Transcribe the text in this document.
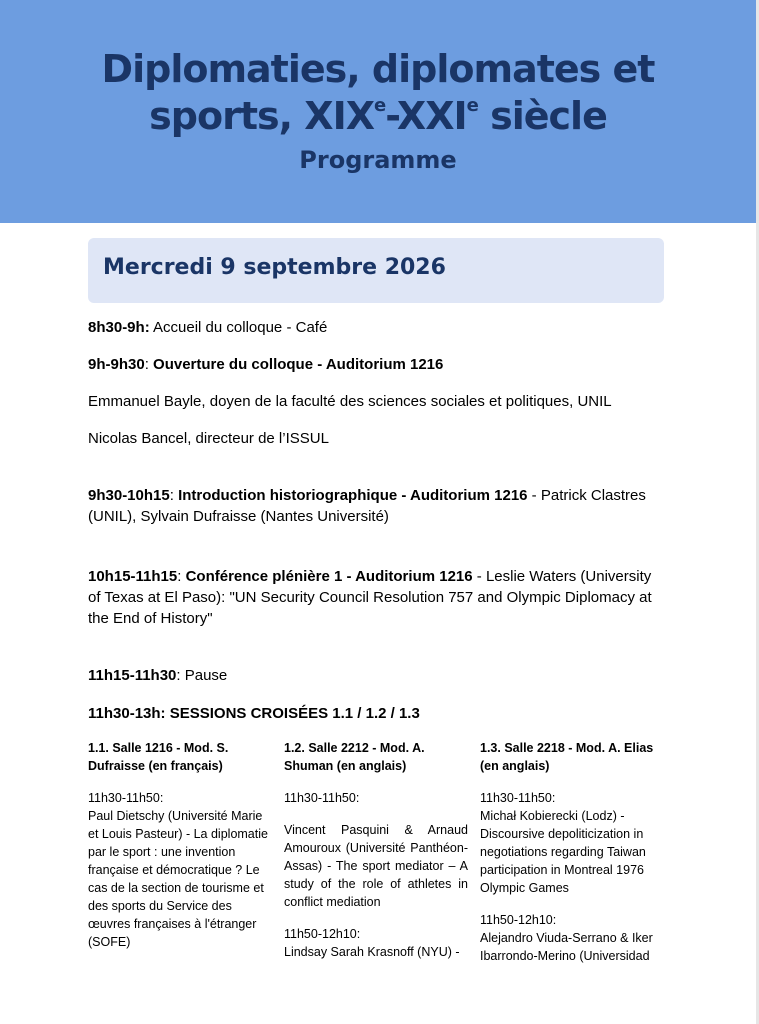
Diplomaties, diplomates et
sports, XIXe-XXIe siècle
Programme
Mercredi 9 septembre 2026
8h30-9h: Accueil du colloque - Café
9h-9h30: Ouverture du colloque - Auditorium 1216
Emmanuel Bayle, doyen de la faculté des sciences sociales et politiques, UNIL
Nicolas Bancel, directeur de l’ISSUL
9h30-10h15: Introduction historiographique - Auditorium 1216 - Patrick Clastres (UNIL), Sylvain Dufraisse (Nantes Université)
10h15-11h15: Conférence plénière 1 - Auditorium 1216 - Leslie Waters (University of Texas at El Paso): "UN Security Council Resolution 757 and Olympic Diplomacy at the End of History"
11h15-11h30: Pause
11h30-13h: SESSIONS CROISÉES 1.1 / 1.2 / 1.3
1.1. Salle 1216 - Mod. S. Dufraisse (en français)
11h30-11h50:
Paul Dietschy (Université Marie et Louis Pasteur) - La diplomatie par le sport : une invention française et démocratique ? Le cas de la section de tourisme et des sports du Service des œuvres françaises à l'étranger (SOFE)
1.2. Salle 2212 - Mod. A. Shuman (en anglais)
11h30-11h50:
Vincent Pasquini & Arnaud Amouroux (Université Panthéon-Assas) - The sport mediator – A study of the role of athletes in conflict mediation
11h50-12h10:
Lindsay Sarah Krasnoff (NYU) -
1.3. Salle 2218 - Mod. A. Elias (en anglais)
11h30-11h50:
Michał Kobierecki (Lodz) - Discoursive depoliticization in negotiations regarding Taiwan participation in Montreal 1976 Olympic Games
11h50-12h10:
Alejandro Viuda-Serrano & Iker Ibarrondo-Merino (Universidad
